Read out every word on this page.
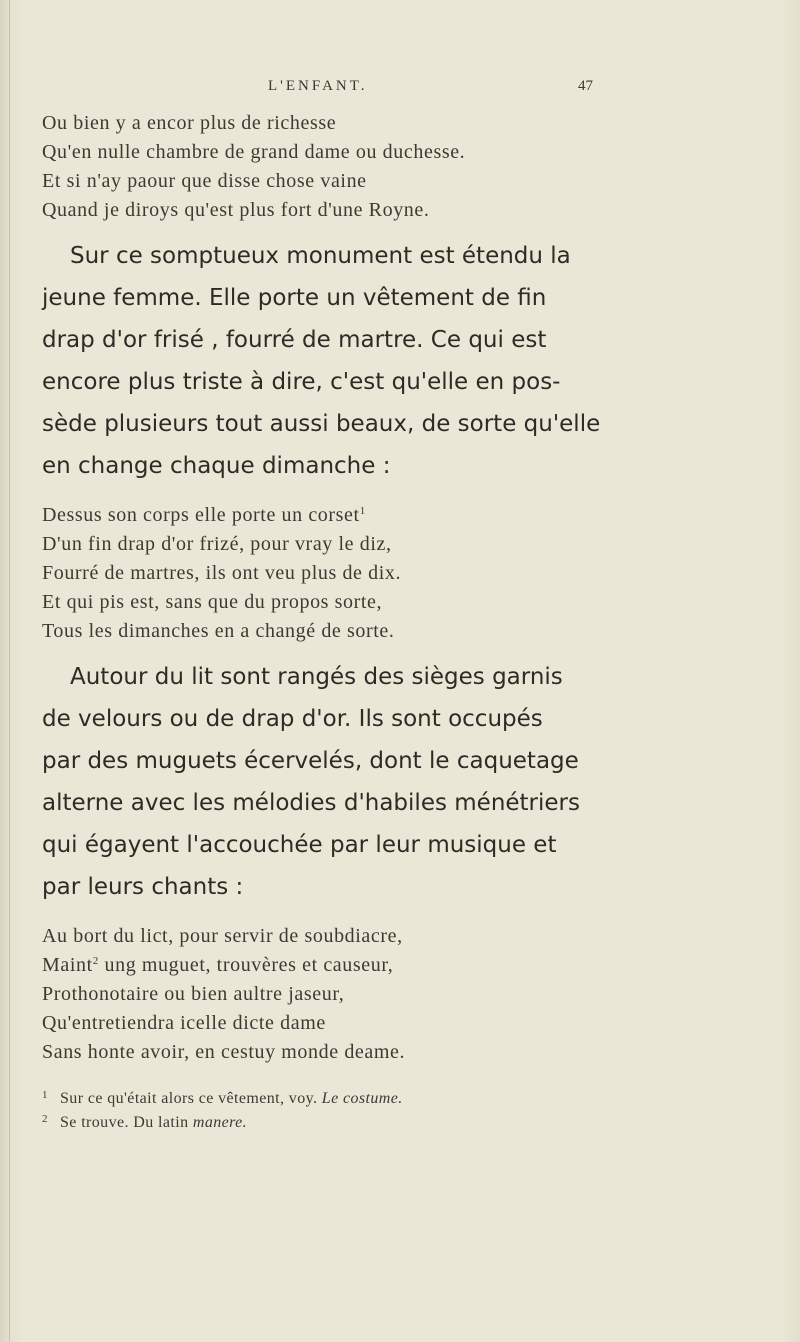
L'ENFANT.	47
Ou bien y a encor plus de richesse
Qu'en nulle chambre de grand dame ou duchesse.
Et si n'ay paour que disse chose vaine
Quand je diroys qu'est plus fort d'une Royne.
Sur ce somptueux monument est étendu la
jeune femme. Elle porte un vêtement de fin
drap d'or frisé , fourré de martre. Ce qui est
encore plus triste à dire, c'est qu'elle en pos-
sède plusieurs tout aussi beaux, de sorte qu'elle
en change chaque dimanche :
Dessus son corps elle porte un corset$^1$
D'un fin drap d'or frizé, pour vray le diz,
Fourré de martres, ils ont veu plus de dix.
Et qui pis est, sans que du propos sorte,
Tous les dimanches en a changé de sorte.
Autour du lit sont rangés des sièges garnis
de velours ou de drap d'or. Ils sont occupés
par des muguets écervelés, dont le caquetage
alterne avec les mélodies d'habiles ménétriers
qui égayent l'accouchée par leur musique et
par leurs chants :
Au bort du lict, pour servir de soubdiacre,
Maint$^2$ ung muguet, trouvères et causeur,
Prothonotaire ou bien aultre jaseur,
Qu'entretiendra icelle dicte dame
Sans honte avoir, en cestuy monde deame.
1 Sur ce qu'était alors ce vêtement, voy. Le costume.
2 Se trouve. Du latin manere.
